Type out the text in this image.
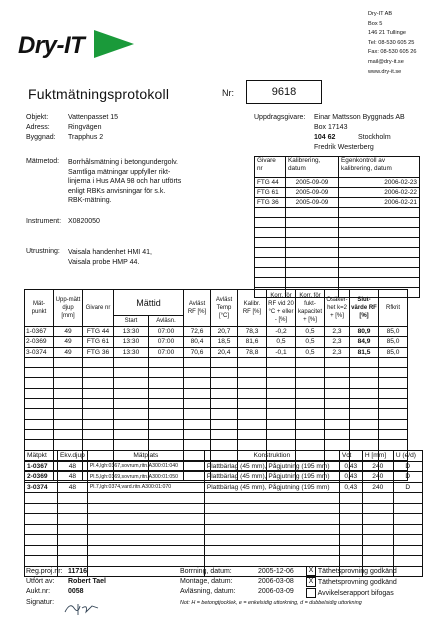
Dry-IT
Dry-IT AB
Box 5
146 21 Tullinge
Tel: 08-530 605 25
Fax: 08-530 605 26
mail@dry-it.se
www.dry-it.se
Fuktmätningsprotokoll	Nr:	9618
Objekt:	Vattenpasset 15
Adress:	Ringvägen
Byggnad: Trapphus 2
Uppdragsgivare: Einar Mattsson Byggnads AB
Box 17143
104 62	Stockholm
Fredrik Westerberg
Mätmetod: Borrhålsmätning i betongundergolv.
Samtliga mätningar uppfyller rikt-
linjerna i Hus AMA 98 och har utförts
enligt RBKs anvisningar för s.k.
RBK-mätning.
Instrument: X0820050
Utrustning: Vaisala handenhet HMI 41,
Vaisala probe HMP 44.
Givare nr	Kalibrering, datum	Egenkontroll av kalibrering, datum
FTG 44	2005-09-09	2006-02-23
FTG 61	2005-09-09	2006-02-22
FTG 36	2005-09-09	2006-02-21

Mät-punkt	Upp-mätt djup [mm]	Givare nr	Mättid		Avläst RF [%]	Avläst Temp [°C]	Kalibr. RF [%]	Korr. för RF vid 20 °C + eller - [%]	Korr. för fukt-kapacitet + [%]	Osäker-het k=2 + [%]	Slut-värde RF [%]	Rfkrit
			Start	Avläsn.								
1-0367	49	FTG 44	13:30	07:00	72,6	20,7	78,3	-0,2	0,5	2,3	80,9	85,0
2-0369	49	FTG 61	13:30	07:00	80,4	18,5	81,6	0,5	0,5	2,3	84,9	85,0
3-0374	49	FTG 36	13:30	07:00	70,6	20,4	78,8	-0,1	0,5	2,3	81,5	85,0

Mätpkt	Ekv.djup	Mätplats	Konstruktion	Vct	H [mm]	U (e/d)
1-0367	48	Pl.4,lgh:0367,sovrum,ritn.A300:01:040	Plattbärlag (45 mm), Pågjutning (195 mm)	0,43	240	D
2-0369	48	Pl.5,lgh:0369,sovrum,ritn.A300:01:050	Plattbärlag (45 mm), Pågjutning (195 mm)	0,43	240	D
3-0374	48	Pl.7,lgh:0374,vard.ritn.A300:01:070	Plattbärlag (45 mm), Pågjutning (195 mm)	0,43	240	D

Reg.proj.nr: 11716
Utfört av: Robert Tael
Aukt.nr:	0058
Signatur:
Borrning, datum:	2005-12-06
Montage, datum:	2006-03-08
Avläsning, datum:	2006-03-09
X Täthetsprovning godkänd
X Täthetsprovning godkänd
Avvikelserapport bifogas
Not: H = betongtjocklek, e = enkelsidig uttorkning, d = dubbelsidig uttorkning
